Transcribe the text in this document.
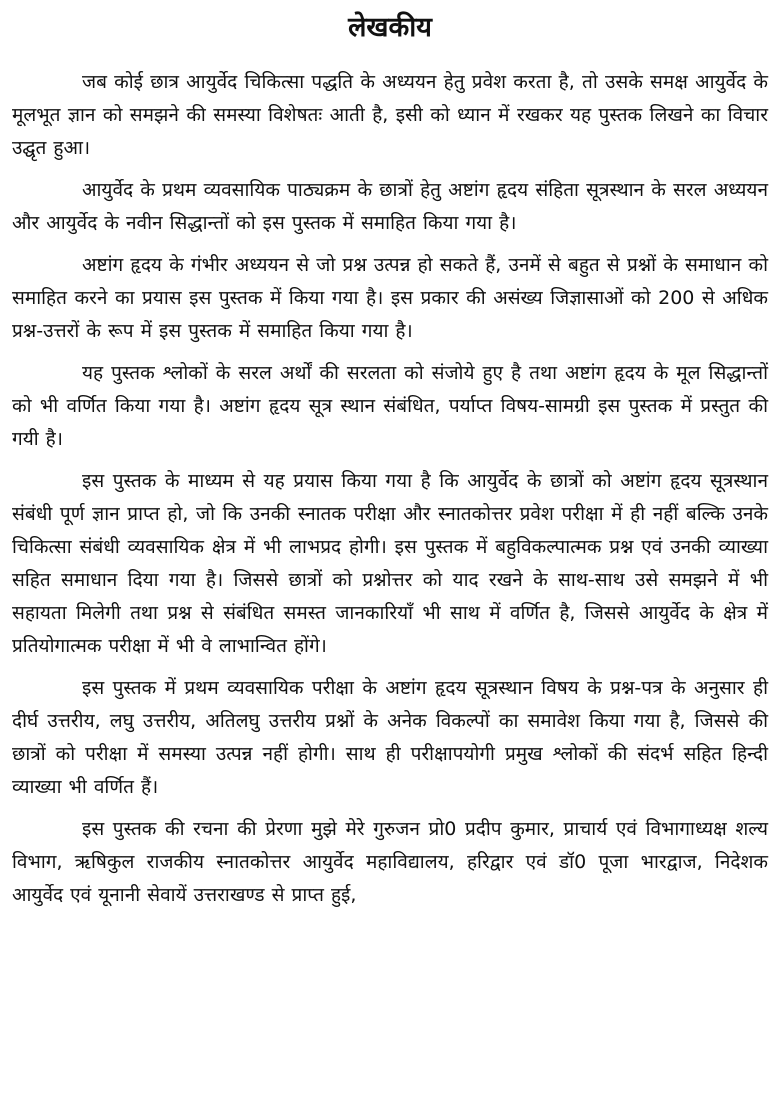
लेखकीय

जब कोई छात्र आयुर्वेद चिकित्सा पद्धति के अध्ययन हेतु प्रवेश करता है, तो उसके समक्ष आयुर्वेद के मूलभूत ज्ञान को समझने की समस्या विशेषतः आती है, इसी को ध्यान में रखकर यह पुस्तक लिखने का विचार उद्घृत हुआ।

आयुर्वेद के प्रथम व्यवसायिक पाठ्यक्रम के छात्रों हेतु अष्टांग हृदय संहिता सूत्रस्थान के सरल अध्ययन और आयुर्वेद के नवीन सिद्धान्तों को इस पुस्तक में समाहित किया गया है।

अष्टांग हृदय के गंभीर अध्ययन से जो प्रश्न उत्पन्न हो सकते हैं, उनमें से बहुत से प्रश्नों के समाधान को समाहित करने का प्रयास इस पुस्तक में किया गया है। इस प्रकार की असंख्य जिज्ञासाओं को 200 से अधिक प्रश्न-उत्तरों के रूप में इस पुस्तक में समाहित किया गया है।

यह पुस्तक श्लोकों के सरल अर्थों की सरलता को संजोये हुए है तथा अष्टांग हृदय के मूल सिद्धान्तों को भी वर्णित किया गया है। अष्टांग हृदय सूत्र स्थान संबंधित, पर्याप्त विषय-सामग्री इस पुस्तक में प्रस्तुत की गयी है।

इस पुस्तक के माध्यम से यह प्रयास किया गया है कि आयुर्वेद के छात्रों को अष्टांग हृदय सूत्रस्थान संबंधी पूर्ण ज्ञान प्राप्त हो, जो कि उनकी स्नातक परीक्षा और स्नातकोत्तर प्रवेश परीक्षा में ही नहीं बल्कि उनके चिकित्सा संबंधी व्यवसायिक क्षेत्र में भी लाभप्रद होगी। इस पुस्तक में बहुविकल्पात्मक प्रश्न एवं उनकी व्याख्या सहित समाधान दिया गया है। जिससे छात्रों को प्रश्नोत्तर को याद रखने के साथ-साथ उसे समझने में भी सहायता मिलेगी तथा प्रश्न से संबंधित समस्त जानकारियाँ भी साथ में वर्णित है, जिससे आयुर्वेद के क्षेत्र में प्रतियोगात्मक परीक्षा में भी वे लाभान्वित होंगे।

इस पुस्तक में प्रथम व्यवसायिक परीक्षा के अष्टांग हृदय सूत्रस्थान विषय के प्रश्न-पत्र के अनुसार ही दीर्घ उत्तरीय, लघु उत्तरीय, अतिलघु उत्तरीय प्रश्नों के अनेक विकल्पों का समावेश किया गया है, जिससे की छात्रों को परीक्षा में समस्या उत्पन्न नहीं होगी। साथ ही परीक्षापयोगी प्रमुख श्लोकों की संदर्भ सहित हिन्दी व्याख्या भी वर्णित हैं।

इस पुस्तक की रचना की प्रेरणा मुझे मेरे गुरुजन प्रो0 प्रदीप कुमार, प्राचार्य एवं विभागाध्यक्ष शल्य विभाग, ऋषिकुल राजकीय स्नातकोत्तर आयुर्वेद महाविद्यालय, हरिद्वार एवं डॉ0 पूजा भारद्वाज, निदेशक आयुर्वेद एवं यूनानी सेवायें उत्तराखण्ड से प्राप्त हुई,
